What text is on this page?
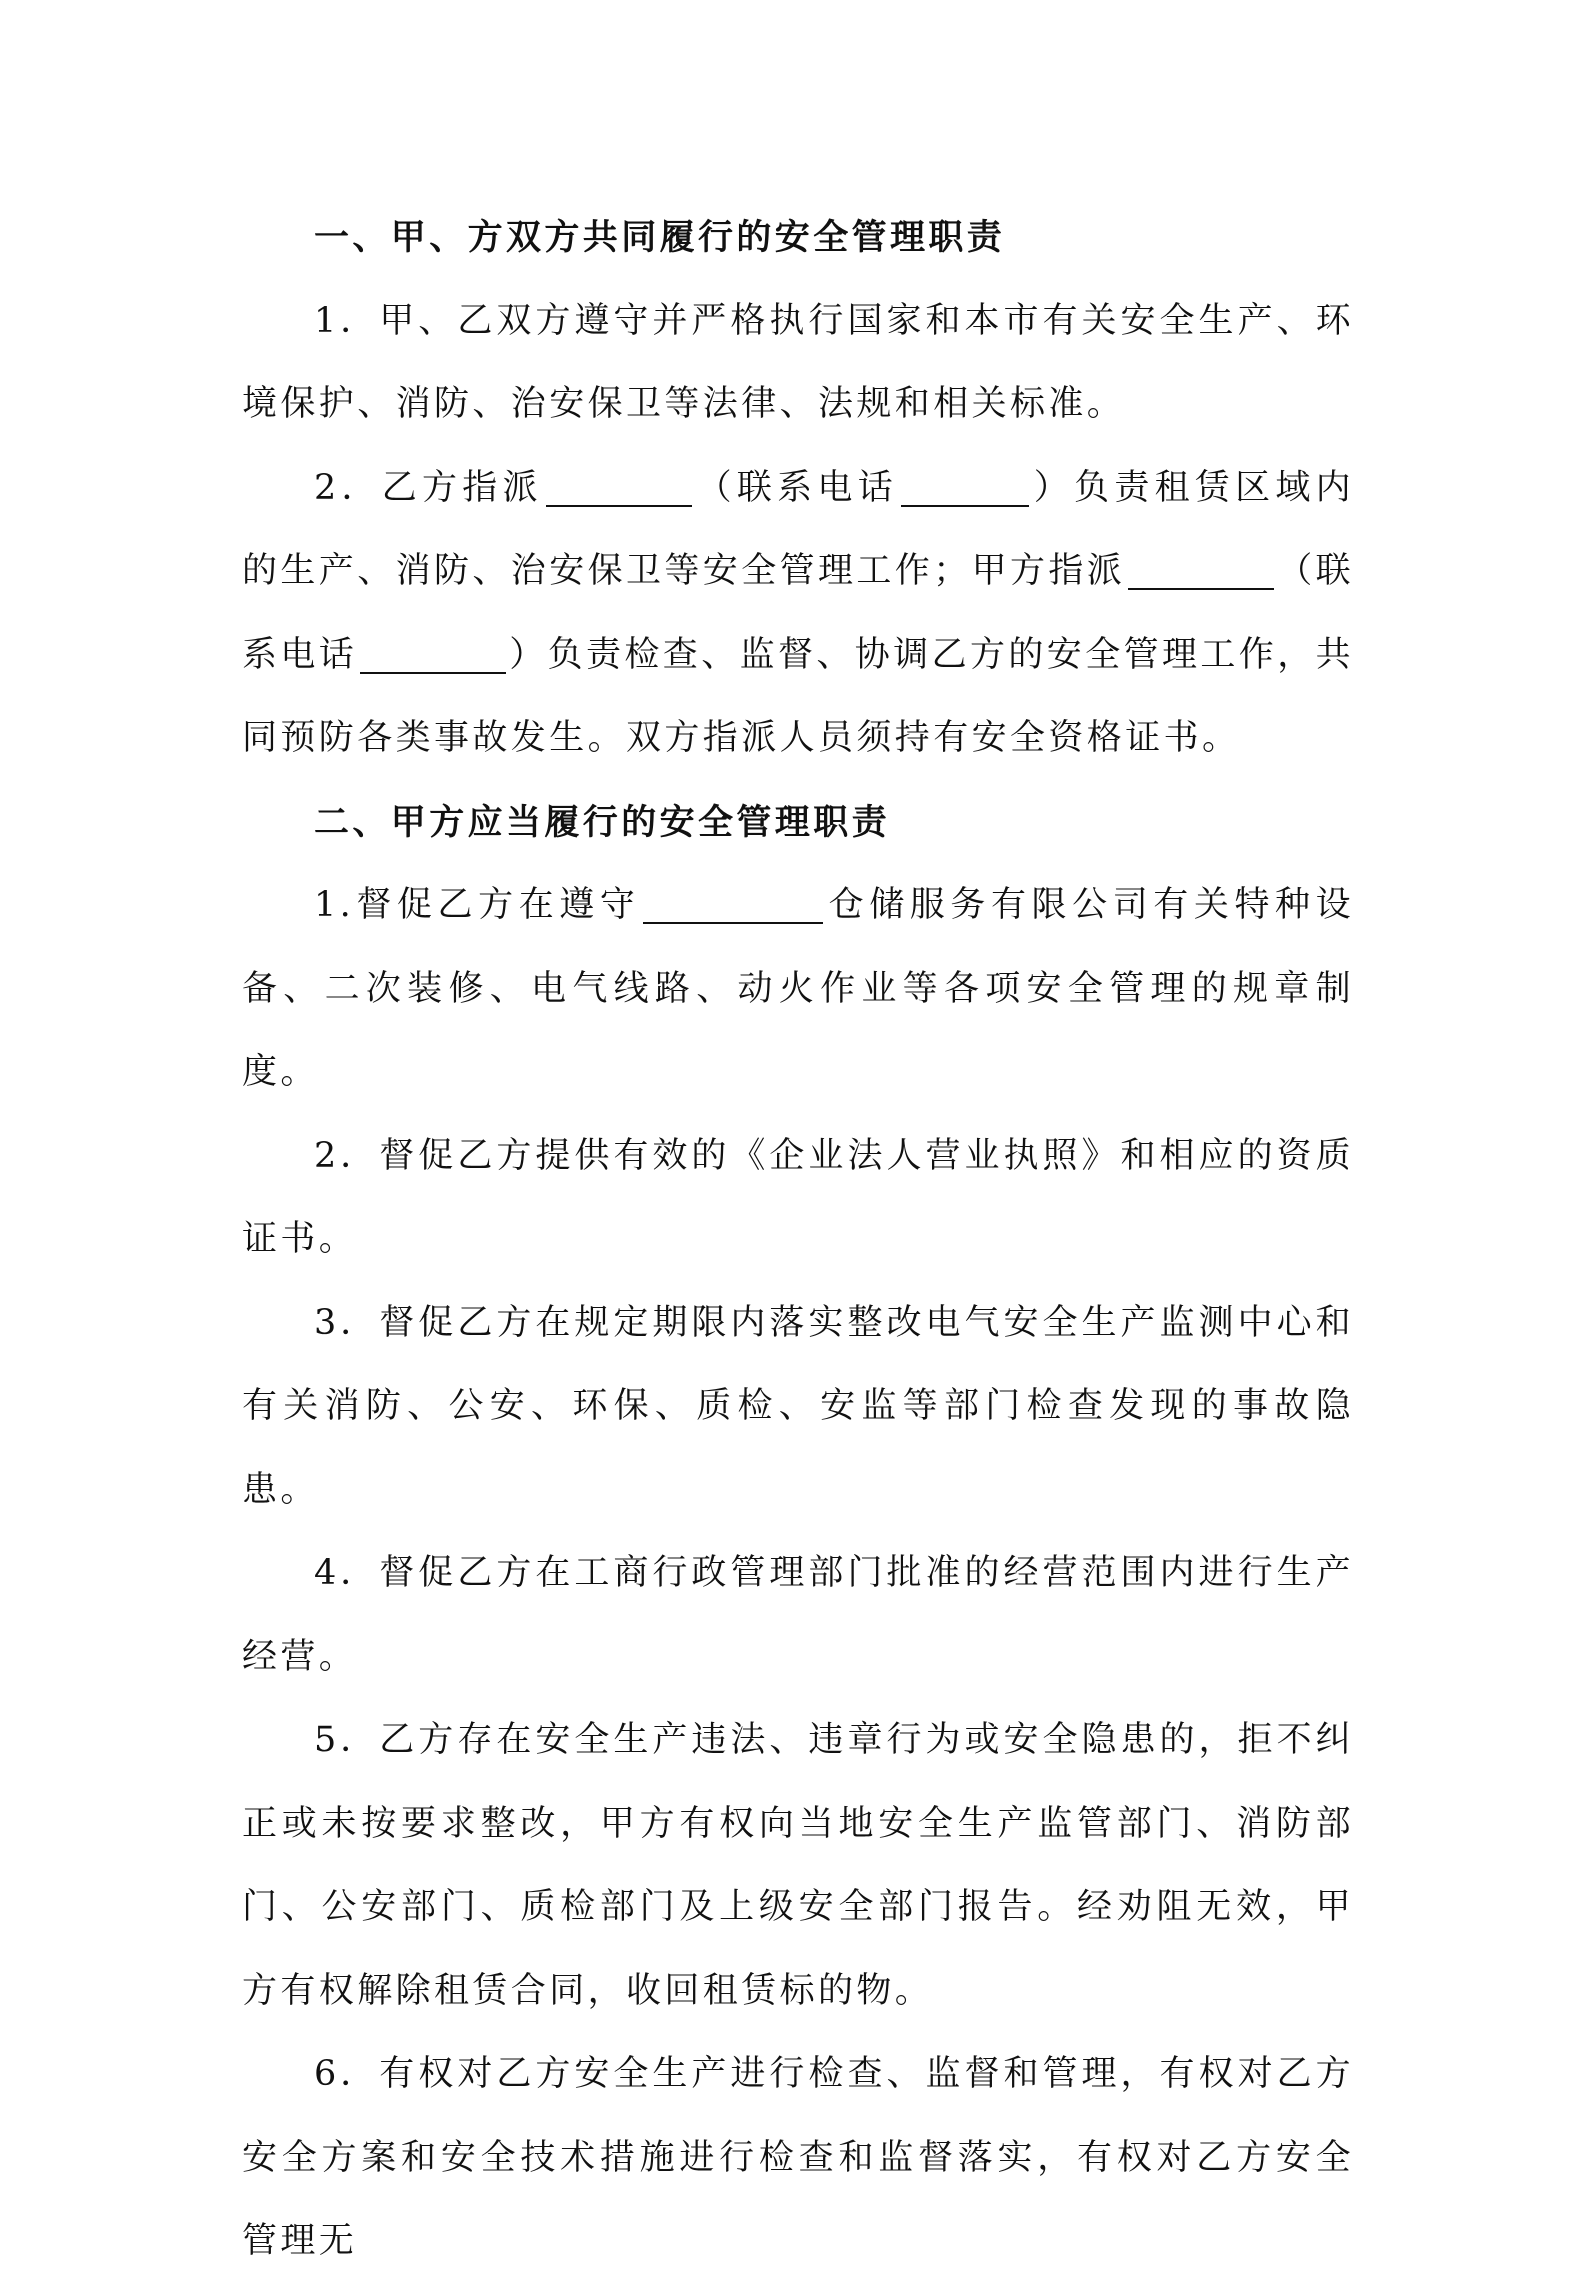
一、甲、方双方共同履行的安全管理职责

1．甲、乙双方遵守并严格执行国家和本市有关安全生产、环境保护、消防、治安保卫等法律、法规和相关标准。

2．乙方指派	（联系电话	）负责租赁区域内的生产、消防、治安保卫等安全管理工作；甲方指派	（联系电话	）负责检查、监督、协调乙方的安全管理工作，共同预防各类事故发生。双方指派人员须持有安全资格证书。

二、甲方应当履行的安全管理职责

1.督促乙方在遵守	仓储服务有限公司有关特种设备、二次装修、电气线路、动火作业等各项安全管理的规章制度。

2．督促乙方提供有效的《企业法人营业执照》和相应的资质证书。

3．督促乙方在规定期限内落实整改电气安全生产监测中心和有关消防、公安、环保、质检、安监等部门检查发现的事故隐患。

4．督促乙方在工商行政管理部门批准的经营范围内进行生产经营。

5．乙方存在安全生产违法、违章行为或安全隐患的，拒不纠正或未按要求整改，甲方有权向当地安全生产监管部门、消防部门、公安部门、质检部门及上级安全部门报告。经劝阻无效，甲方有权解除租赁合同，收回租赁标的物。

6．有权对乙方安全生产进行检查、监督和管理，有权对乙方安全方案和安全技术措施进行检查和监督落实，有权对乙方安全管理无
